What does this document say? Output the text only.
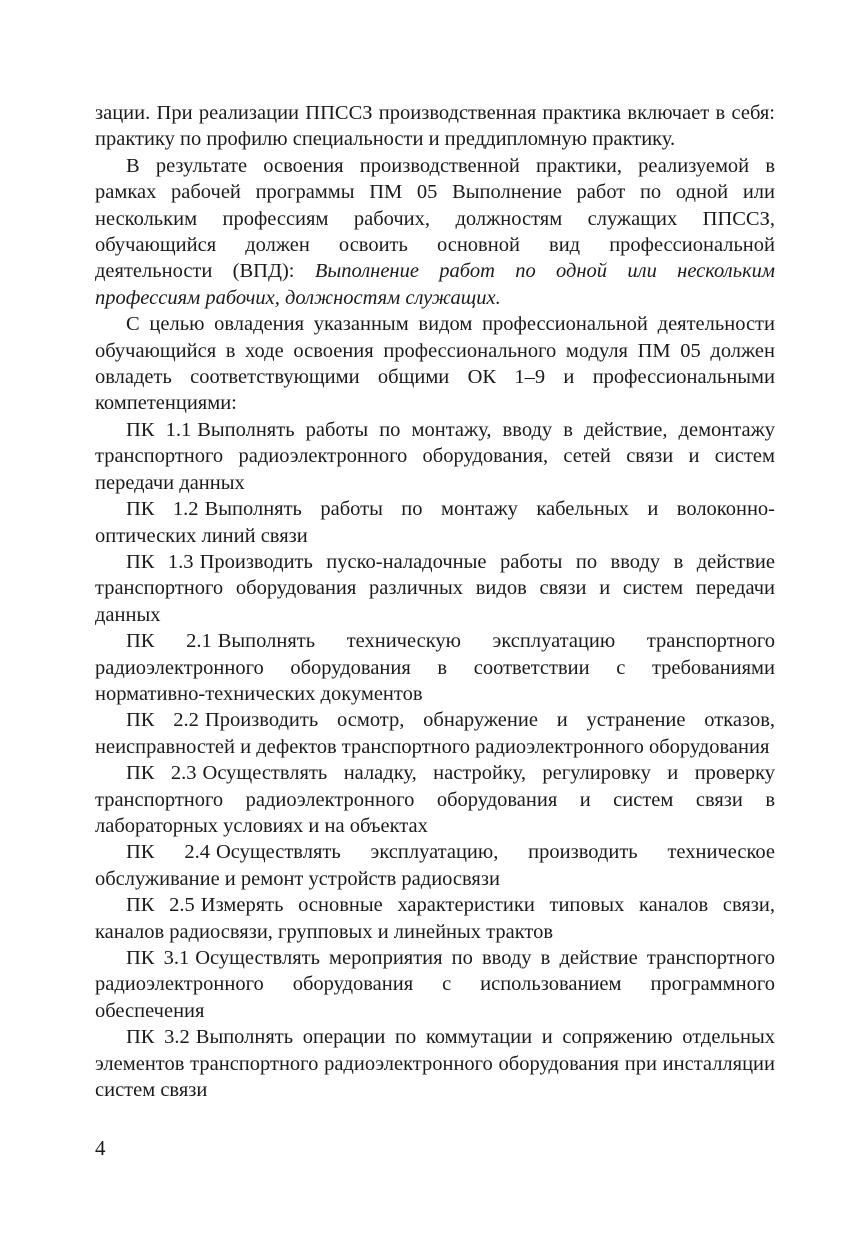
зации. При реализации ППССЗ производственная практика включает в себя: практику по профилю специальности и преддипломную практику.

В результате освоения производственной практики, реализуемой в рамках рабочей программы ПМ 05 Выполнение работ по одной или нескольким профессиям рабочих, должностям служащих ППССЗ, обучающийся должен освоить основной вид профессиональной деятельности (ВПД): Выполнение работ по одной или нескольким профессиям рабочих, должностям служащих.

С целью овладения указанным видом профессиональной деятельности обучающийся в ходе освоения профессионального модуля ПМ 05 должен овладеть соответствующими общими ОК 1–9 и профессиональными компетенциями:

ПК 1.1 Выполнять работы по монтажу, вводу в действие, демонтажу транспортного радиоэлектронного оборудования, сетей связи и систем передачи данных

ПК 1.2 Выполнять работы по монтажу кабельных и волоконно-оптических линий связи

ПК 1.3 Производить пуско-наладочные работы по вводу в действие транспортного оборудования различных видов связи и систем передачи данных

ПК 2.1 Выполнять техническую эксплуатацию транспортного радиоэлектронного оборудования в соответствии с требованиями нормативно-технических документов

ПК 2.2 Производить осмотр, обнаружение и устранение отказов, неисправностей и дефектов транспортного радиоэлектронного оборудования

ПК 2.3 Осуществлять наладку, настройку, регулировку и проверку транспортного радиоэлектронного оборудования и систем связи в лабораторных условиях и на объектах

ПК 2.4 Осуществлять эксплуатацию, производить техническое обслуживание и ремонт устройств радиосвязи

ПК 2.5 Измерять основные характеристики типовых каналов связи, каналов радиосвязи, групповых и линейных трактов

ПК 3.1 Осуществлять мероприятия по вводу в действие транспортного радиоэлектронного оборудования с использованием программного обеспечения

ПК 3.2 Выполнять операции по коммутации и сопряжению отдельных элементов транспортного радиоэлектронного оборудования при инсталляции систем связи

4
